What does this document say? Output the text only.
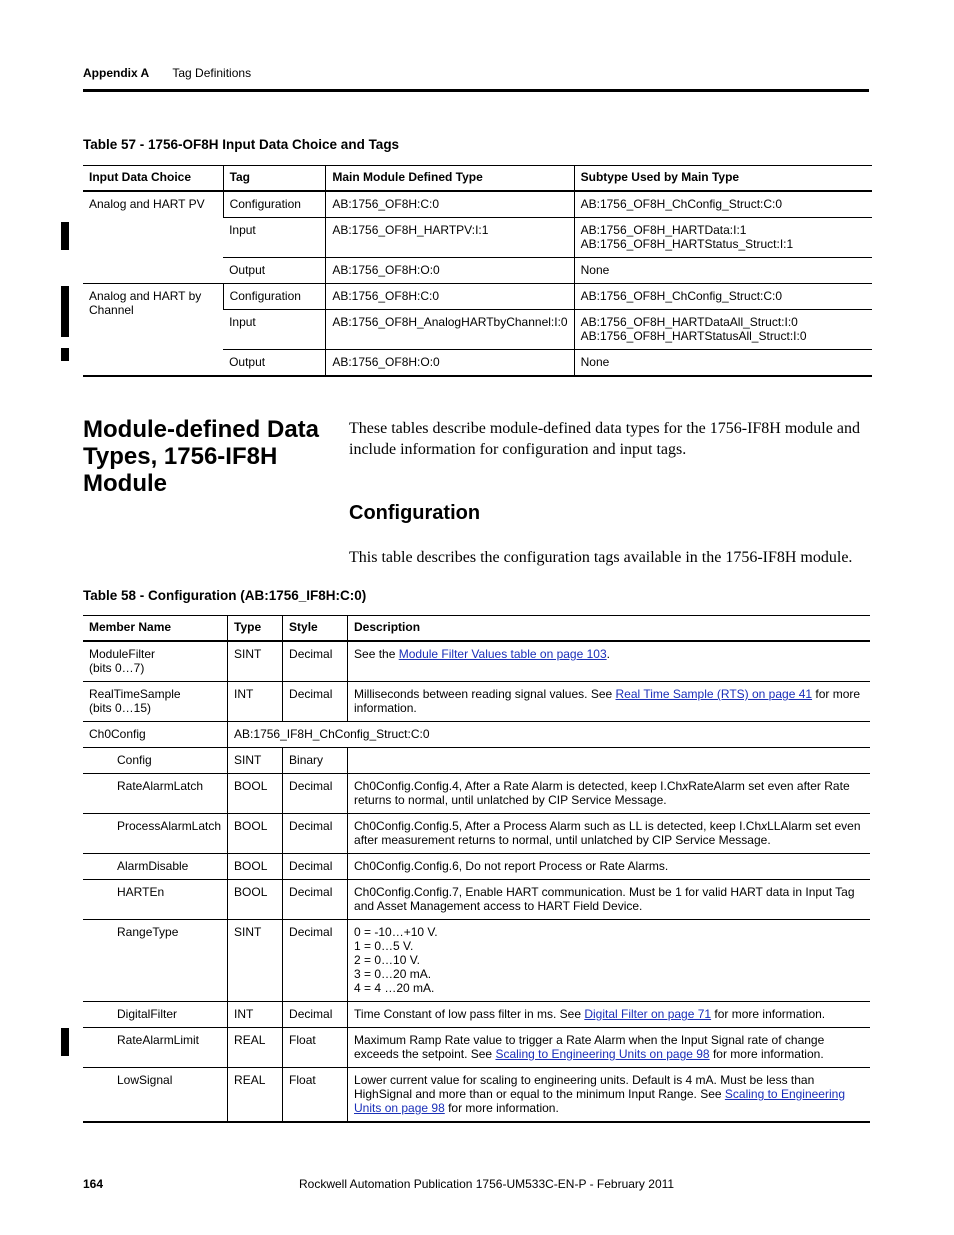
Appendix A Tag Definitions
Table 57 - 1756-OF8H Input Data Choice and Tags
Input Data Choice	Tag	Main Module Defined Type	Subtype Used by Main Type
Analog and HART PV	Configuration	AB:1756_OF8H:C:0	AB:1756_OF8H_ChConfig_Struct:C:0
	Input	AB:1756_OF8H_HARTPV:I:1	AB:1756_OF8H_HARTData:I:1
AB:1756_OF8H_HARTStatus_Struct:I:1
	Output	AB:1756_OF8H:O:0	None
Analog and HART by
Channel	Configuration	AB:1756_OF8H:C:0	AB:1756_OF8H_ChConfig_Struct:C:0
	Input	AB:1756_OF8H_AnalogHARTbyChannel:I:0	AB:1756_OF8H_HARTDataAll_Struct:I:0
AB:1756_OF8H_HARTStatusAll_Struct:I:0
	Output	AB:1756_OF8H:O:0	None
Module-defined Data Types, 1756-IF8H Module
These tables describe module-defined data types for the 1756-IF8H module and include information for configuration and input tags.
Configuration
This table describes the configuration tags available in the 1756-IF8H module.
Table 58 - Configuration (AB:1756_IF8H:C:0)
Member Name	Type	Style	Description
ModuleFilter
(bits 0…7)	SINT	Decimal	See the Module Filter Values table on page 103.
RealTimeSample
(bits 0…15)	INT	Decimal	Milliseconds between reading signal values. See Real Time Sample (RTS) on page 41 for more information.
Ch0Config	AB:1756_IF8H_ChConfig_Struct:C:0		
Config	SINT	Binary	
RateAlarmLatch	BOOL	Decimal	Ch0Config.Config.4, After a Rate Alarm is detected, keep I.ChxRateAlarm set even after Rate returns to normal, until unlatched by CIP Service Message.
ProcessAlarmLatch	BOOL	Decimal	Ch0Config.Config.5, After a Process Alarm such as LL is detected, keep I.ChxLLAlarm set even after measurement returns to normal, until unlatched by CIP Service Message.
AlarmDisable	BOOL	Decimal	Ch0Config.Config.6, Do not report Process or Rate Alarms.
HARTEn	BOOL	Decimal	Ch0Config.Config.7, Enable HART communication. Must be 1 for valid HART data in Input Tag and Asset Management access to HART Field Device.
RangeType	SINT	Decimal	0 = -10…+10 V.
1 = 0…5 V.
2 = 0…10 V.
3 = 0…20 mA.
4 = 4 …20 mA.
DigitalFilter	INT	Decimal	Time Constant of low pass filter in ms. See Digital Filter on page 71 for more information.
RateAlarmLimit	REAL	Float	Maximum Ramp Rate value to trigger a Rate Alarm when the Input Signal rate of change exceeds the setpoint. See Scaling to Engineering Units on page 98 for more information.
LowSignal	REAL	Float	Lower current value for scaling to engineering units. Default is 4 mA. Must be less than HighSignal and more than or equal to the minimum Input Range. See Scaling to Engineering Units on page 98 for more information.
164	Rockwell Automation Publication 1756-UM533C-EN-P - February 2011
